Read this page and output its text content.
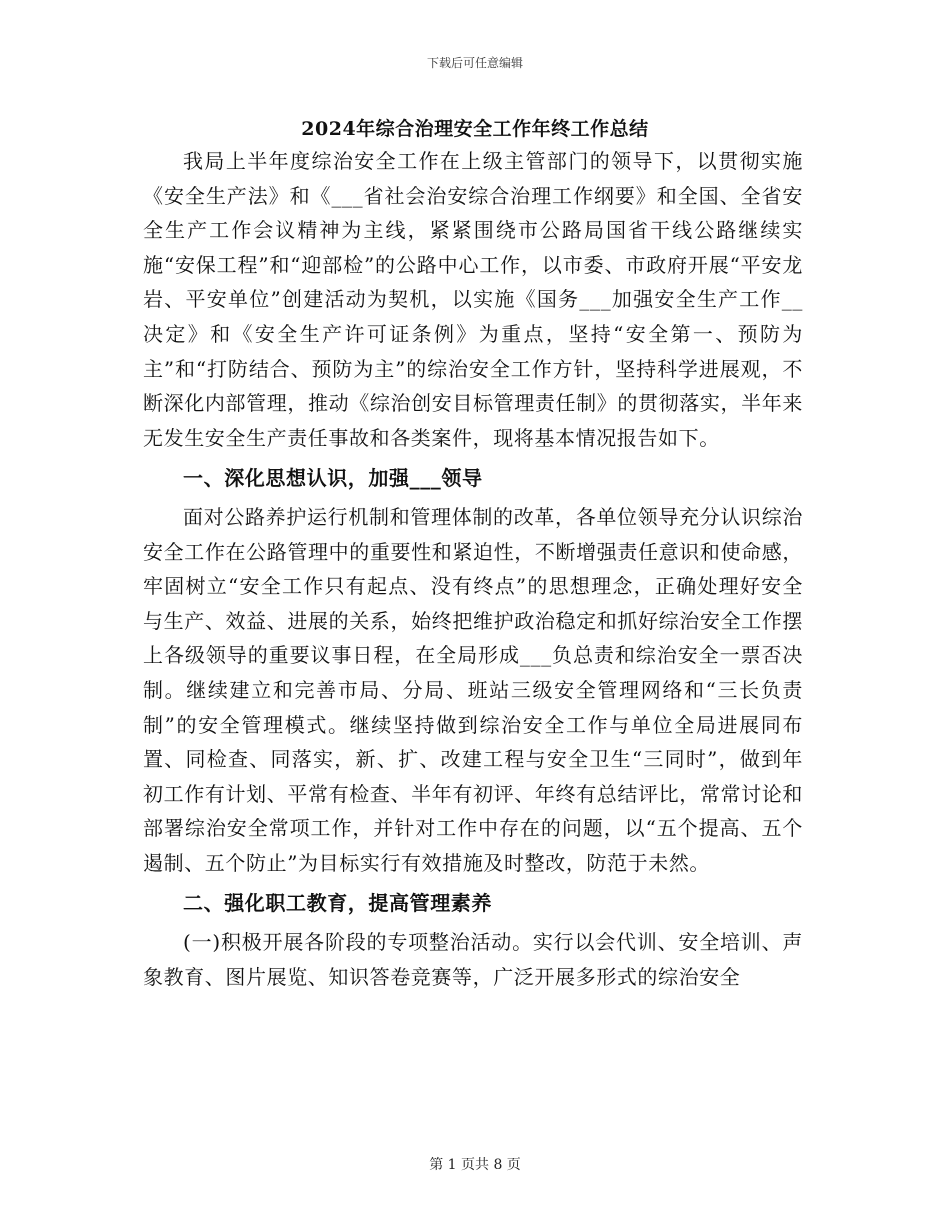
下载后可任意编辑
2024年综合治理安全工作年终工作总结

我局上半年度综治安全工作在上级主管部门的领导下，以贯彻实施《安全生产法》和《___省社会治安综合治理工作纲要》和全国、全省安全生产工作会议精神为主线，紧紧围绕市公路局国省干线公路继续实施“安保工程”和“迎部检”的公路中心工作，以市委、市政府开展“平安龙岩、平安单位”创建活动为契机，以实施《国务___加强安全生产工作__决定》和《安全生产许可证条例》为重点，坚持“安全第一、预防为主”和“打防结合、预防为主”的综治安全工作方针，坚持科学进展观，不断深化内部管理，推动《综治创安目标管理责任制》的贯彻落实，半年来无发生安全生产责任事故和各类案件，现将基本情况报告如下。

一、深化思想认识，加强___领导

面对公路养护运行机制和管理体制的改革，各单位领导充分认识综治安全工作在公路管理中的重要性和紧迫性，不断增强责任意识和使命感，牢固树立“安全工作只有起点、没有终点”的思想理念，正确处理好安全与生产、效益、进展的关系，始终把维护政治稳定和抓好综治安全工作摆上各级领导的重要议事日程，在全局形成___负总责和综治安全一票否决制。继续建立和完善市局、分局、班站三级安全管理网络和“三长负责制”的安全管理模式。继续坚持做到综治安全工作与单位全局进展同布置、同检查、同落实，新、扩、改建工程与安全卫生“三同时”，做到年初工作有计划、平常有检查、半年有初评、年终有总结评比，常常讨论和部署综治安全常项工作，并针对工作中存在的问题，以“五个提高、五个遏制、五个防止”为目标实行有效措施及时整改，防范于未然。

二、强化职工教育，提高管理素养

(一)积极开展各阶段的专项整治活动。实行以会代训、安全培训、声象教育、图片展览、知识答卷竞赛等，广泛开展多形式的综治安全

第 1 页共 8 页
